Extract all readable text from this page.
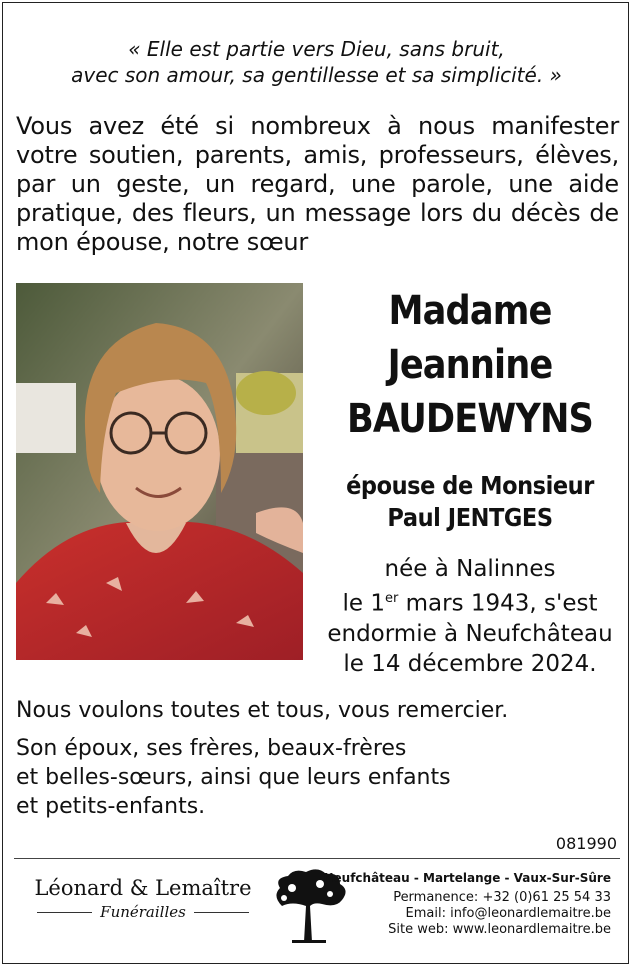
« Elle est partie vers Dieu, sans bruit,
avec son amour, sa gentillesse et sa simplicité. »
Vous avez été si nombreux à nous manifester votre soutien, parents, amis, professeurs, élèves, par un geste, un regard, une parole, une aide pratique, des fleurs, un message lors du décès de mon épouse, notre sœur
Madame
Jeannine
BAUDEWYNS
épouse de Monsieur
Paul JENTGES
née à Nalinnes
le 1er mars 1943, s'est
endormie à Neufchâteau
le 14 décembre 2024.
Nous voulons toutes et tous, vous remercier.
Son époux, ses frères, beaux-frères
et belles-sœurs, ainsi que leurs enfants
et petits-enfants.
081990
Léonard & Lemaître
Funérailles
Neufchâteau - Martelange - Vaux-Sur-Sûre
Permanence: +32 (0)61 25 54 33
Email: info@leonardlemaitre.be
Site web: www.leonardlemaitre.be
